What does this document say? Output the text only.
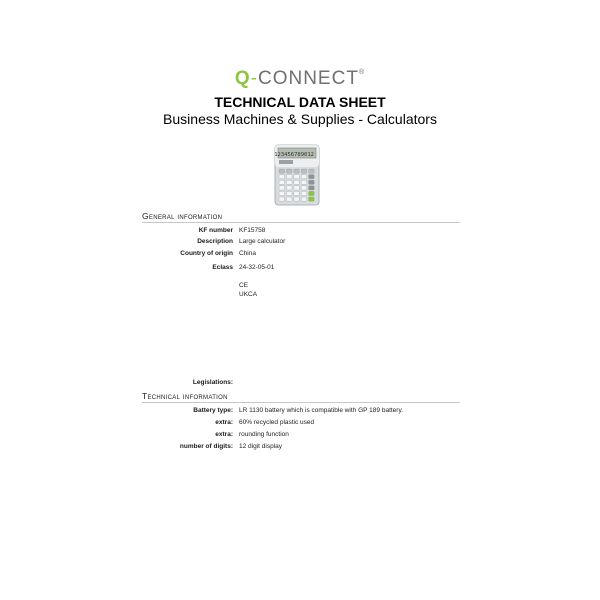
Q-CONNECT®
TECHNICAL DATA SHEET
Business Machines & Supplies - Calculators
123456789012
General information
KF number KF15758
Description Large calculator
Country of origin China
Eclass 24-32-05-01
CE
UKCA
Legislations:
Technical information
Battery type: LR 1130 battery which is compatible with GP 189 battery.
extra: 60% recycled plastic used
extra: rounding function
number of digits: 12 digit display
